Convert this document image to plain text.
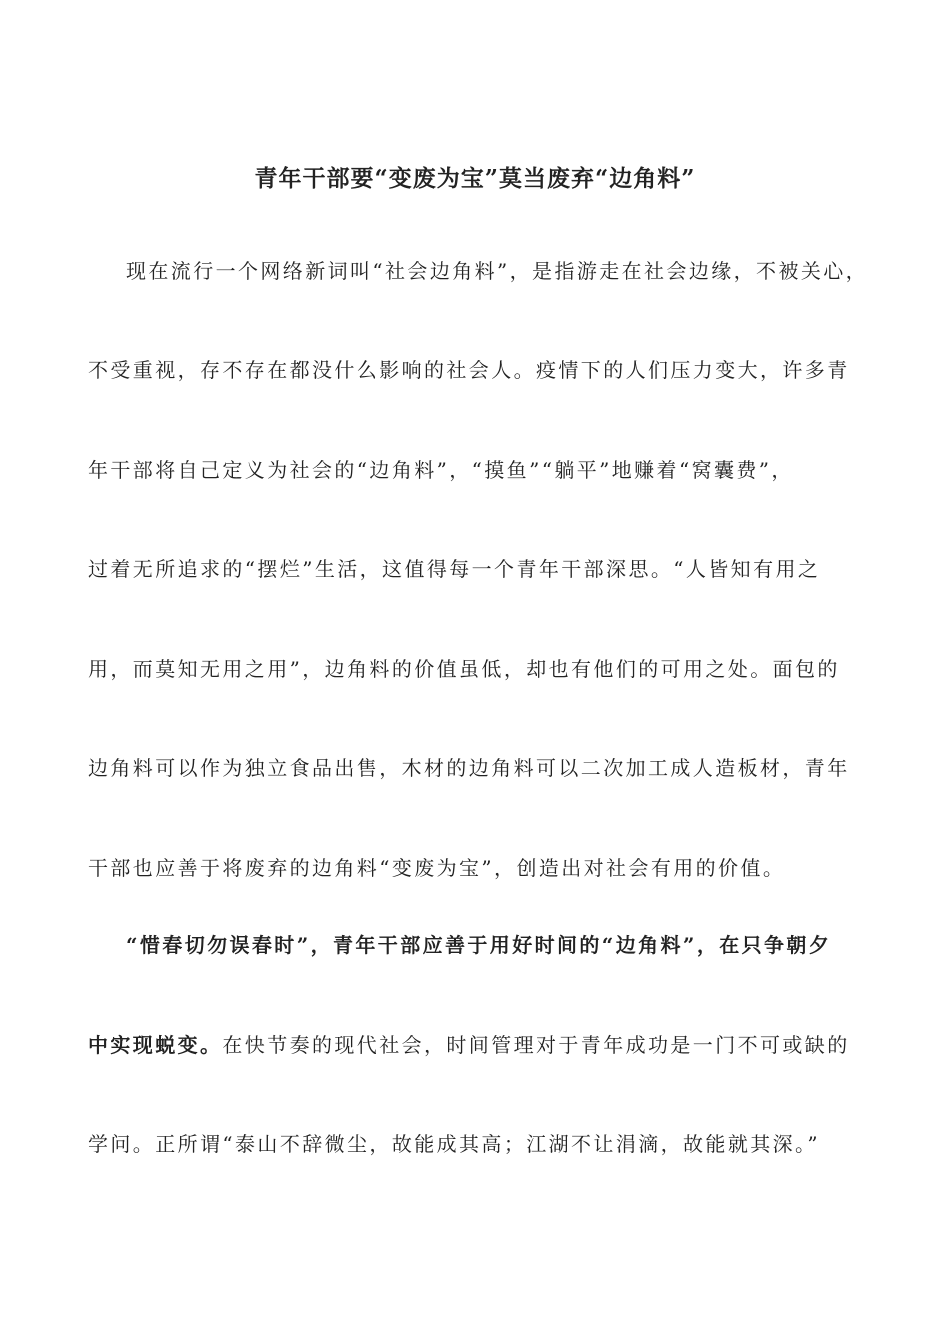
青年干部要“变废为宝”莫当废弃“边角料”
现在流行一个网络新词叫“社会边角料”，是指游走在社会边缘，不被关心，
不受重视，存不存在都没什么影响的社会人。疫情下的人们压力变大，许多青
年干部将自己定义为社会的“边角料”，“摸鱼”“躺平”地赚着“窝囊费”，
过着无所追求的“摆烂”生活，这值得每一个青年干部深思。“人皆知有用之
用，而莫知无用之用”，边角料的价值虽低，却也有他们的可用之处。面包的
边角料可以作为独立食品出售，木材的边角料可以二次加工成人造板材，青年
干部也应善于将废弃的边角料“变废为宝”，创造出对社会有用的价值。
“惜春切勿误春时”，青年干部应善于用好时间的“边角料”，在只争朝夕
中实现蜕变。在快节奏的现代社会，时间管理对于青年成功是一门不可或缺的
学问。正所谓“泰山不辞微尘，故能成其高；江湖不让涓滴，故能就其深。”
